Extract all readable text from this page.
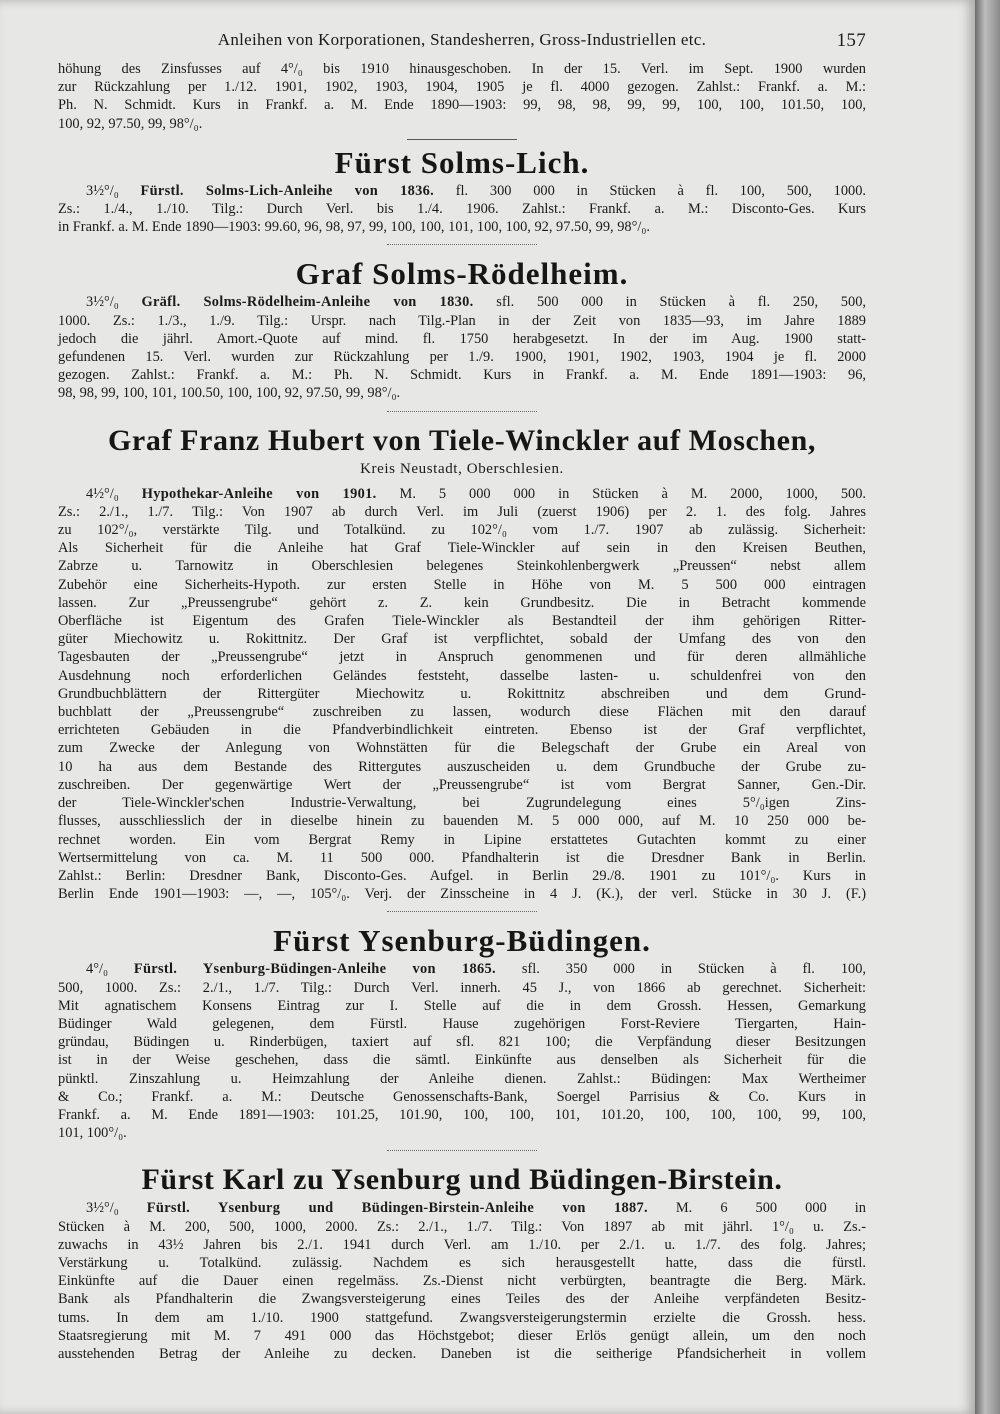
Anleihen von Korporationen, Standesherren, Gross-Industriellen etc.	157
höhung des Zinsfusses auf 4°/₀ bis 1910 hinausgeschoben. In der 15. Verl. im Sept. 1900 wurden
zur Rückzahlung per 1./12. 1901, 1902, 1903, 1904, 1905 je fl. 4000 gezogen. Zahlst.: Frankf. a. M.:
Ph. N. Schmidt. Kurs in Frankf. a. M. Ende 1890—1903: 99, 98, 98, 99, 99, 100, 100, 101.50, 100,
100, 92, 97.50, 99, 98°/₀.
Fürst Solms-Lich.
3½°/₀ Fürstl. Solms-Lich-Anleihe von 1836. fl. 300 000 in Stücken à fl. 100, 500, 1000.
Zs.: 1./4., 1./10. Tilg.: Durch Verl. bis 1./4. 1906. Zahlst.: Frankf. a. M.: Disconto-Ges. Kurs
in Frankf. a. M. Ende 1890—1903: 99.60, 96, 98, 97, 99, 100, 100, 101, 100, 100, 92, 97.50, 99, 98°/₀.
Graf Solms-Rödelheim.
3½°/₀ Gräfl. Solms-Rödelheim-Anleihe von 1830. sfl. 500 000 in Stücken à fl. 250, 500,
1000. Zs.: 1./3., 1./9. Tilg.: Urspr. nach Tilg.-Plan in der Zeit von 1835—93, im Jahre 1889
jedoch die jährl. Amort.-Quote auf mind. fl. 1750 herabgesetzt. In der im Aug. 1900 statt-
gefundenen 15. Verl. wurden zur Rückzahlung per 1./9. 1900, 1901, 1902, 1903, 1904 je fl. 2000
gezogen. Zahlst.: Frankf. a. M.: Ph. N. Schmidt. Kurs in Frankf. a. M. Ende 1891—1903: 96,
98, 98, 99, 100, 101, 100.50, 100, 100, 92, 97.50, 99, 98°/₀.
Graf Franz Hubert von Tiele-Winckler auf Moschen,
Kreis Neustadt, Oberschlesien.
4½°/₀ Hypothekar-Anleihe von 1901. M. 5 000 000 in Stücken à M. 2000, 1000, 500.
Zs.: 2./1., 1./7. Tilg.: Von 1907 ab durch Verl. im Juli (zuerst 1906) per 2. 1. des folg. Jahres
zu 102°/₀, verstärkte Tilg. und Totalkünd. zu 102°/₀ vom 1./7. 1907 ab zulässig. Sicherheit:
Als Sicherheit für die Anleihe hat Graf Tiele-Winckler auf sein in den Kreisen Beuthen,
Zabrze u. Tarnowitz in Oberschlesien belegenes Steinkohlenbergwerk „Preussen“ nebst allem
Zubehör eine Sicherheits-Hypoth. zur ersten Stelle in Höhe von M. 5 500 000 eintragen
lassen. Zur „Preussengrube“ gehört z. Z. kein Grundbesitz. Die in Betracht kommende
Oberfläche ist Eigentum des Grafen Tiele-Winckler als Bestandteil der ihm gehörigen Ritter-
güter Miechowitz u. Rokittnitz. Der Graf ist verpflichtet, sobald der Umfang des von den
Tagesbauten der „Preussengrube“ jetzt in Anspruch genommenen und für deren allmähliche
Ausdehnung noch erforderlichen Geländes feststeht, dasselbe lasten- u. schuldenfrei von den
Grundbuchblättern der Rittergüter Miechowitz u. Rokittnitz abschreiben und dem Grund-
buchblatt der „Preussengrube“ zuschreiben zu lassen, wodurch diese Flächen mit den darauf
errichteten Gebäuden in die Pfandverbindlichkeit eintreten. Ebenso ist der Graf verpflichtet,
zum Zwecke der Anlegung von Wohnstätten für die Belegschaft der Grube ein Areal von
10 ha aus dem Bestande des Rittergutes auszuscheiden u. dem Grundbuche der Grube zu-
zuschreiben. Der gegenwärtige Wert der „Preussengrube“ ist vom Bergrat Sanner, Gen.-Dir.
der Tiele-Winckler'schen Industrie-Verwaltung, bei Zugrundelegung eines 5°/₀igen Zins-
flusses, ausschliesslich der in dieselbe hinein zu bauenden M. 5 000 000, auf M. 10 250 000 be-
rechnet worden. Ein vom Bergrat Remy in Lipine erstattetes Gutachten kommt zu einer
Wertsermittelung von ca. M. 11 500 000. Pfandhalterin ist die Dresdner Bank in Berlin.
Zahlst.: Berlin: Dresdner Bank, Disconto-Ges. Aufgel. in Berlin 29./8. 1901 zu 101°/₀. Kurs in
Berlin Ende 1901—1903: —, —, 105°/₀. Verj. der Zinsscheine in 4 J. (K.), der verl. Stücke in 30 J. (F.)
Fürst Ysenburg-Büdingen.
4°/₀ Fürstl. Ysenburg-Büdingen-Anleihe von 1865. sfl. 350 000 in Stücken à fl. 100,
500, 1000. Zs.: 2./1., 1./7. Tilg.: Durch Verl. innerh. 45 J., von 1866 ab gerechnet. Sicherheit:
Mit agnatischem Konsens Eintrag zur I. Stelle auf die in dem Grossh. Hessen, Gemarkung
Büdinger Wald gelegenen, dem Fürstl. Hause zugehörigen Forst-Reviere Tiergarten, Hain-
gründau, Büdingen u. Rinderbügen, taxiert auf sfl. 821 100; die Verpfändung dieser Besitzungen
ist in der Weise geschehen, dass die sämtl. Einkünfte aus denselben als Sicherheit für die
pünktl. Zinszahlung u. Heimzahlung der Anleihe dienen. Zahlst.: Büdingen: Max Wertheimer
& Co.; Frankf. a. M.: Deutsche Genossenschafts-Bank, Soergel Parrisius & Co. Kurs in
Frankf. a. M. Ende 1891—1903: 101.25, 101.90, 100, 100, 101, 101.20, 100, 100, 100, 99, 100,
101, 100°/₀.
Fürst Karl zu Ysenburg und Büdingen-Birstein.
3½°/₀ Fürstl. Ysenburg und Büdingen-Birstein-Anleihe von 1887. M. 6 500 000 in
Stücken à M. 200, 500, 1000, 2000. Zs.: 2./1., 1./7. Tilg.: Von 1897 ab mit jährl. 1°/₀ u. Zs.-
zuwachs in 43½ Jahren bis 2./1. 1941 durch Verl. am 1./10. per 2./1. u. 1./7. des folg. Jahres;
Verstärkung u. Totalkünd. zulässig. Nachdem es sich herausgestellt hatte, dass die fürstl.
Einkünfte auf die Dauer einen regelmäss. Zs.-Dienst nicht verbürgten, beantragte die Berg. Märk.
Bank als Pfandhalterin die Zwangsversteigerung eines Teiles des der Anleihe verpfändeten Besitz-
tums. In dem am 1./10. 1900 stattgefund. Zwangsversteigerungstermin erzielte die Grossh. hess.
Staatsregierung mit M. 7 491 000 das Höchstgebot; dieser Erlös genügt allein, um den noch
ausstehenden Betrag der Anleihe zu decken. Daneben ist die seitherige Pfandsicherheit in vollem
